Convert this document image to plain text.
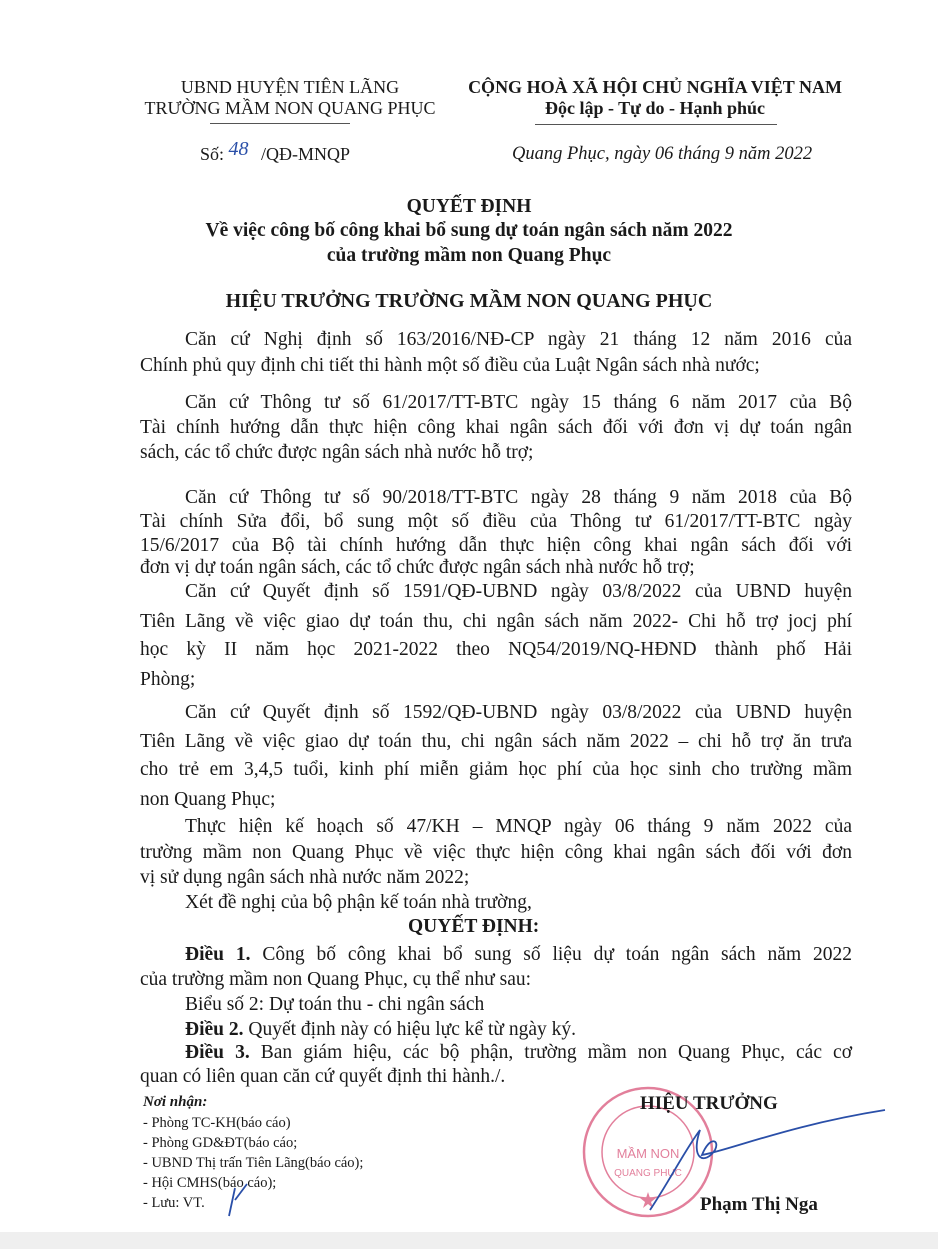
UBND HUYỆN TIÊN LÃNG
TRƯỜNG MẦM NON QUANG PHỤC
CỘNG HOÀ XÃ HỘI CHỦ NGHĨA VIỆT NAM
Độc lập - Tự do - Hạnh phúc
Số: 48 /QĐ-MNQP	Quang Phục, ngày 06 tháng 9 năm 2022
QUYẾT ĐỊNH
Về việc công bố công khai bổ sung dự toán ngân sách năm 2022
của trường mầm non Quang Phục
HIỆU TRƯỞNG TRƯỜNG MẦM NON QUANG PHỤC
Căn cứ Nghị định số 163/2016/NĐ-CP ngày 21 tháng 12 năm 2016 của
Chính phủ quy định chi tiết thi hành một số điều của Luật Ngân sách nhà nước;
Căn cứ Thông tư số 61/2017/TT-BTC ngày 15 tháng 6 năm 2017 của Bộ
Tài chính hướng dẫn thực hiện công khai ngân sách đối với đơn vị dự toán ngân
sách, các tổ chức được ngân sách nhà nước hỗ trợ;
Căn cứ Thông tư số 90/2018/TT-BTC ngày 28 tháng 9 năm 2018 của Bộ
Tài chính Sửa đổi, bổ sung một số điều của Thông tư 61/2017/TT-BTC ngày
15/6/2017 của Bộ tài chính hướng dẫn thực hiện công khai ngân sách đối với
đơn vị dự toán ngân sách, các tổ chức được ngân sách nhà nước hỗ trợ;
Căn cứ Quyết định số 1591/QĐ-UBND ngày 03/8/2022 của UBND huyện
Tiên Lãng về việc giao dự toán thu, chi ngân sách năm 2022- Chi hỗ trợ jocj phí
học kỳ II năm học 2021-2022 theo NQ54/2019/NQ-HĐND thành phố Hải
Phòng;
Căn cứ Quyết định số 1592/QĐ-UBND ngày 03/8/2022 của UBND huyện
Tiên Lãng về việc giao dự toán thu, chi ngân sách năm 2022 – chi hỗ trợ ăn trưa
cho trẻ em 3,4,5 tuổi, kinh phí miễn giảm học phí của học sinh cho trường mầm
non Quang Phục;
Thực hiện kế hoạch số 47/KH – MNQP ngày 06 tháng 9 năm 2022 của
trường mầm non Quang Phục về việc thực hiện công khai ngân sách đối với đơn
vị sử dụng ngân sách nhà nước năm 2022;
Xét đề nghị của bộ phận kế toán nhà trường,
Điều 1. Công bố công khai bổ sung số liệu dự toán ngân sách năm 2022
của trường mầm non Quang Phục, cụ thể như sau:
Biểu số 2: Dự toán thu - chi ngân sách
Điều 2. Quyết định này có hiệu lực kể từ ngày ký.
Điều 3. Ban giám hiệu, các bộ phận, trường mầm non Quang Phục, các cơ
quan có liên quan căn cứ quyết định thi hành./.
QUYẾT ĐỊNH:
Nơi nhận:
- Phòng TC-KH(báo cáo)
- Phòng GD&ĐT(báo cáo;
- UBND Thị trấn Tiên Lãng(báo cáo);
- Hội CMHS(báo cáo);
- Lưu: VT.
MẦM NON
QUANG PHỤC
HIỆU TRƯỞNG
Phạm Thị Nga
